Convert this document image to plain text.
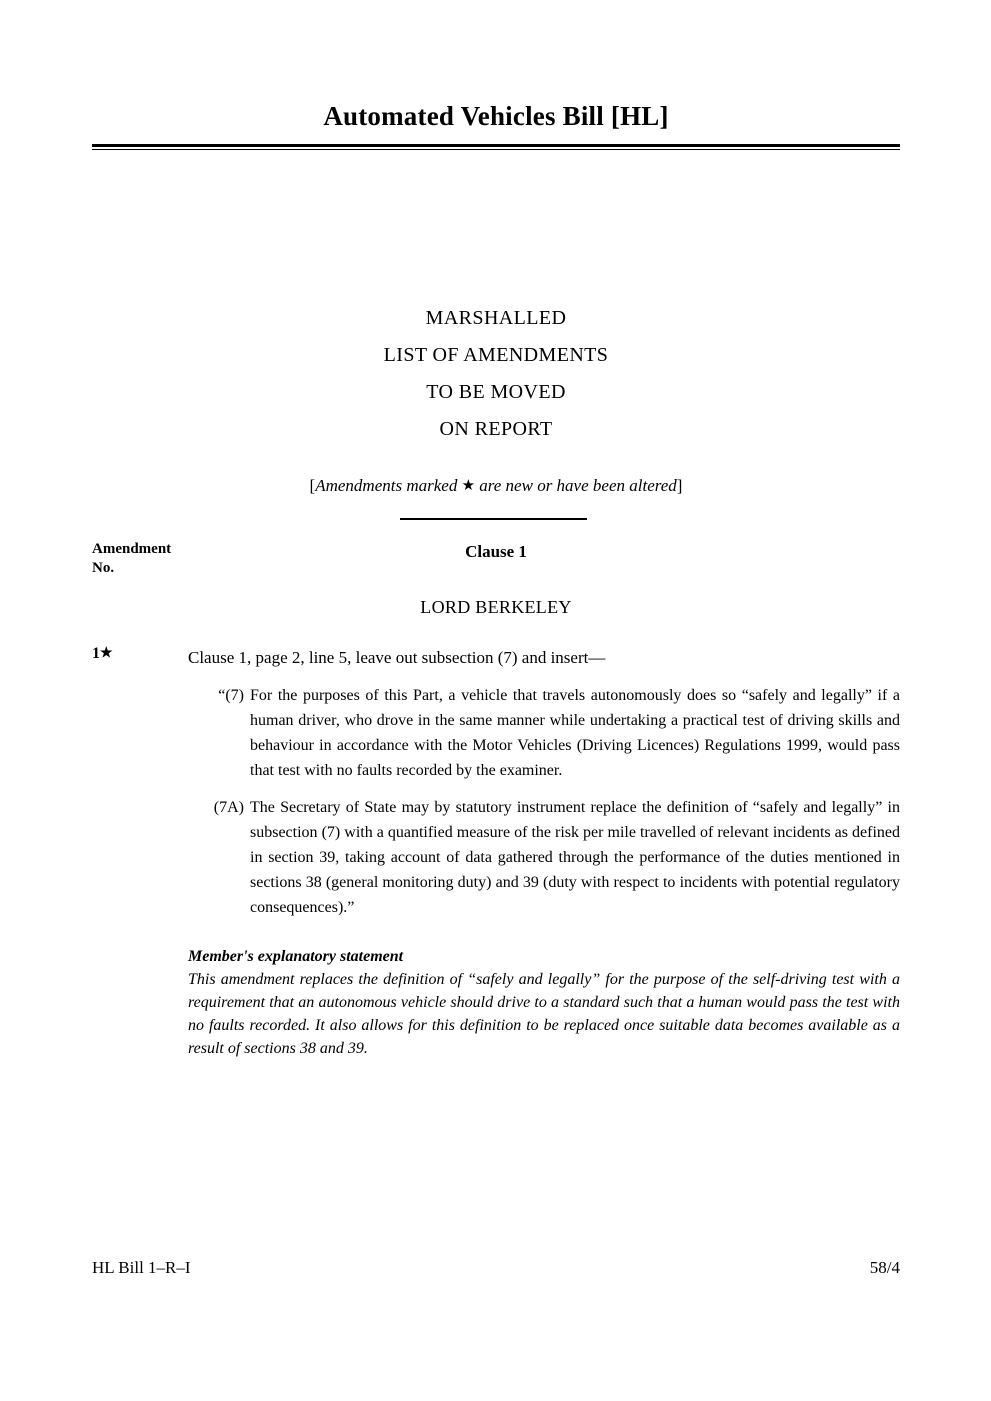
Automated Vehicles Bill [HL]
MARSHALLED
LIST OF AMENDMENTS
TO BE MOVED
ON REPORT
[Amendments marked ★ are new or have been altered]
Amendment
No.
Clause 1
LORD BERKELEY
1★	Clause 1, page 2, line 5, leave out subsection (7) and insert—
“(7) For the purposes of this Part, a vehicle that travels autonomously does so “safely and legally” if a human driver, who drove in the same manner while undertaking a practical test of driving skills and behaviour in accordance with the Motor Vehicles (Driving Licences) Regulations 1999, would pass that test with no faults recorded by the examiner.
(7A) The Secretary of State may by statutory instrument replace the definition of “safely and legally” in subsection (7) with a quantified measure of the risk per mile travelled of relevant incidents as defined in section 39, taking account of data gathered through the performance of the duties mentioned in sections 38 (general monitoring duty) and 39 (duty with respect to incidents with potential regulatory consequences).”
Member's explanatory statement
This amendment replaces the definition of “safely and legally” for the purpose of the self-driving test with a requirement that an autonomous vehicle should drive to a standard such that a human would pass the test with no faults recorded. It also allows for this definition to be replaced once suitable data becomes available as a result of sections 38 and 39.
HL Bill 1–R–I	58/4
